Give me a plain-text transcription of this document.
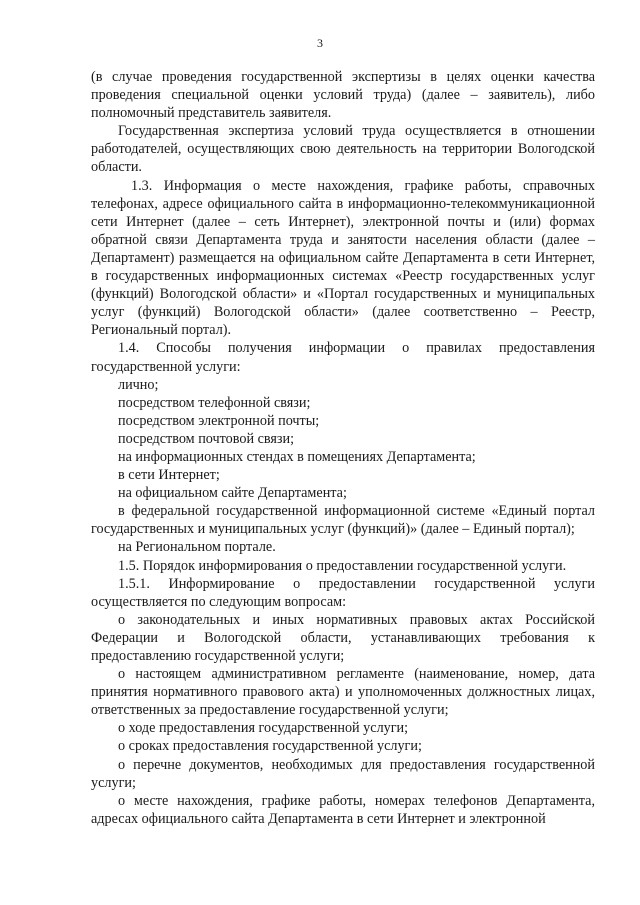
3

(в случае проведения государственной экспертизы в целях оценки качества проведения специальной оценки условий труда) (далее – заявитель), либо полномочный представитель заявителя.

Государственная экспертиза условий труда осуществляется в отношении работодателей, осуществляющих свою деятельность на территории Вологодской области.

1.3. Информация о месте нахождения, графике работы, справочных телефонах, адресе официального сайта в информационно-телекоммуникационной сети Интернет (далее – сеть Интернет), электронной почты и (или) формах обратной связи Департамента труда и занятости населения области (далее – Департамент) размещается на официальном сайте Департамента в сети Интернет, в государственных информационных системах «Реестр государственных услуг (функций) Вологодской области» и «Портал государственных и муниципальных услуг (функций) Вологодской области» (далее соответственно – Реестр, Региональный портал).

1.4. Способы получения информации о правилах предоставления государственной услуги:

лично;

посредством телефонной связи;

посредством электронной почты;

посредством почтовой связи;

на информационных стендах в помещениях Департамента;

в сети Интернет;

на официальном сайте Департамента;

в федеральной государственной информационной системе «Единый портал государственных и муниципальных услуг (функций)» (далее – Единый портал);

на Региональном портале.

1.5. Порядок информирования о предоставлении государственной услуги.

1.5.1. Информирование о предоставлении государственной услуги осуществляется по следующим вопросам:

о законодательных и иных нормативных правовых актах Российской Федерации и Вологодской области, устанавливающих требования к предоставлению государственной услуги;

о настоящем административном регламенте (наименование, номер, дата принятия нормативного правового акта) и уполномоченных должностных лицах, ответственных за предоставление государственной услуги;

о ходе предоставления государственной услуги;

о сроках предоставления государственной услуги;

о перечне документов, необходимых для предоставления государственной услуги;

о месте нахождения, графике работы, номерах телефонов Департамента, адресах официального сайта Департамента в сети Интернет и электронной
